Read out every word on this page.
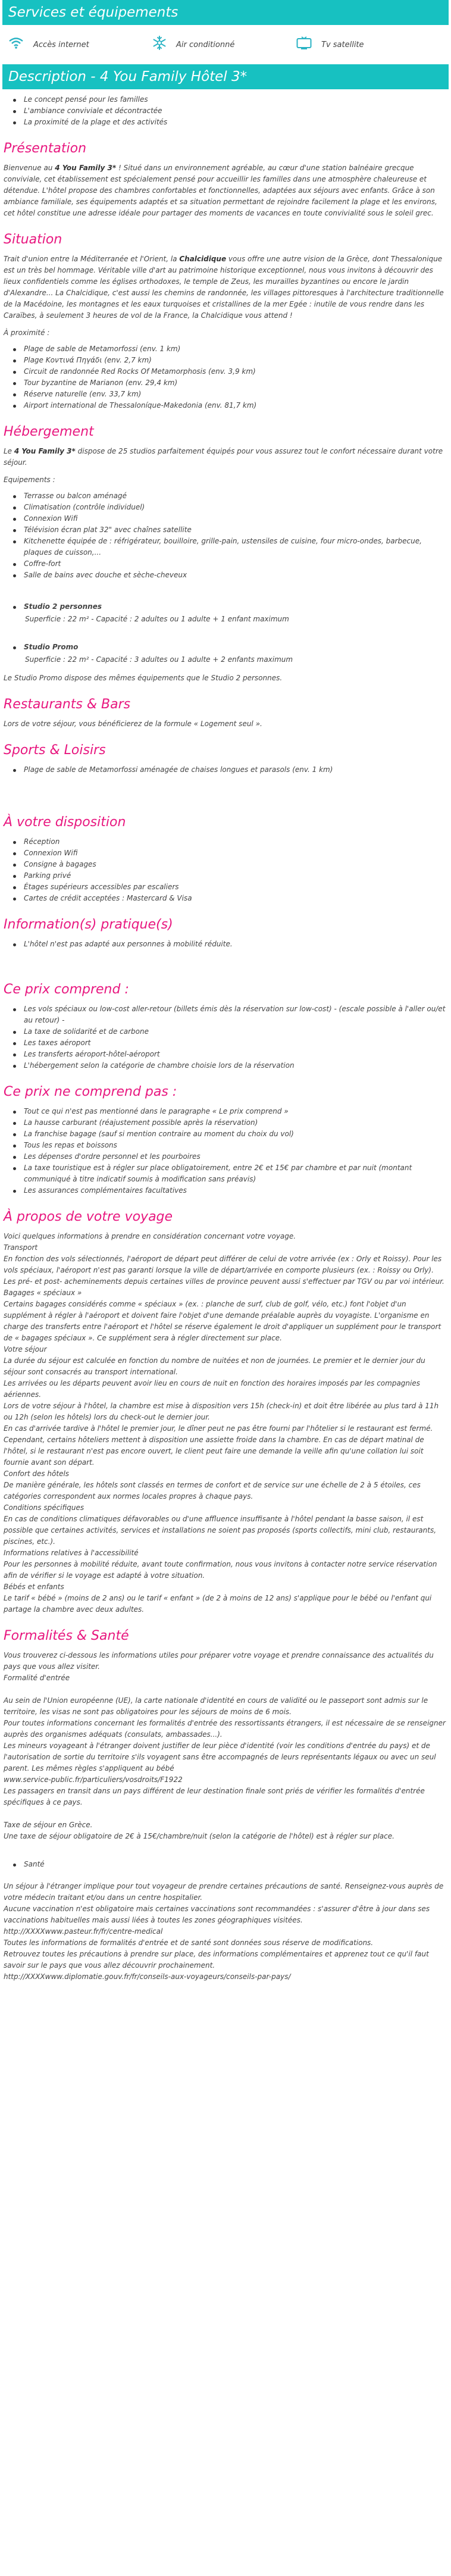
Services et équipements
Accès internet	Air conditionné	Tv satellite
Description - 4 You Family Hôtel 3*
Le concept pensé pour les familles
L'ambiance conviviale et décontractée
La proximité de la plage et des activités
Présentation

Bienvenue au 4 You Family 3* ! Situé dans un environnement agréable, au cœur d'une station balnéaire grecque conviviale, cet établissement est spécialement pensé pour accueillir les familles dans une atmosphère chaleureuse et détendue. L'hôtel propose des chambres confortables et fonctionnelles, adaptées aux séjours avec enfants. Grâce à son ambiance familiale, ses équipements adaptés et sa situation permettant de rejoindre facilement la plage et les environs, cet hôtel constitue une adresse idéale pour partager des moments de vacances en toute convivialité sous le soleil grec.

Situation

Trait d'union entre la Méditerranée et l'Orient, la Chalcidique vous offre une autre vision de la Grèce, dont Thessalonique est un très bel hommage. Véritable ville d'art au patrimoine historique exceptionnel, nous vous invitons à découvrir des lieux confidentiels comme les églises orthodoxes, le temple de Zeus, les murailles byzantines ou encore le jardin d'Alexandre... La Chalcidique, c'est aussi les chemins de randonnée, les villages pittoresques à l'architecture traditionnelle de la Macédoine, les montagnes et les eaux turquoises et cristallines de la mer Egée : inutile de vous rendre dans les Caraïbes, à seulement 3 heures de vol de la France, la Chalcidique vous attend !

À proximité :

Plage de sable de Metamorfossi (env. 1 km)
Plage Κοντινά Πηγάδι (env. 2,7 km)
Circuit de randonnée Red Rocks Of Metamorphosis (env. 3,9 km)
Tour byzantine de Marianon (env. 29,4 km)
Réserve naturelle (env. 33,7 km)
Airport international de Thessaloníque-Makedonia (env. 81,7 km)
Hébergement

Le 4 You Family 3* dispose de 25 studios parfaitement équipés pour vous assurez tout le confort nécessaire durant votre séjour.

Equipements :

Terrasse ou balcon aménagé
Climatisation (contrôle individuel)
Connexion Wifi
Télévision écran plat 32" avec chaînes satellite
Kitchenette équipée de : réfrigérateur, bouilloire, grille-pain, ustensiles de cuisine, four micro-ondes, barbecue, plaques de cuisson,...
Coffre-fort
Salle de bains avec douche et sèche-cheveux
Studio 2 personnes
Superficie : 22 m² - Capacité : 2 adultes ou 1 adulte + 1 enfant maximum
Studio Promo
Superficie : 22 m² - Capacité : 3 adultes ou 1 adulte + 2 enfants maximum

Le Studio Promo dispose des mêmes équipements que le Studio 2 personnes.

Restaurants & Bars

Lors de votre séjour, vous bénéficierez de la formule « Logement seul ».

Sports & Loisirs
Plage de sable de Metamorfossi aménagée de chaises longues et parasols (env. 1 km)
À votre disposition
Réception
Connexion Wifi
Consigne à bagages
Parking privé
Étages supérieurs accessibles par escaliers
Cartes de crédit acceptées : Mastercard & Visa
Information(s) pratique(s)
L'hôtel n'est pas adapté aux personnes à mobilité réduite.
Ce prix comprend :
Les vols spéciaux ou low-cost aller-retour (billets émis dès la réservation sur low-cost) - (escale possible à l'aller ou/et au retour) -
La taxe de solidarité et de carbone
Les taxes aéroport
Les transferts aéroport-hôtel-aéroport
L'hébergement selon la catégorie de chambre choisie lors de la réservation
Ce prix ne comprend pas :
Tout ce qui n'est pas mentionné dans le paragraphe « Le prix comprend »
La hausse carburant (réajustement possible après la réservation)
La franchise bagage (sauf si mention contraire au moment du choix du vol)
Tous les repas et boissons
Les dépenses d'ordre personnel et les pourboires
La taxe touristique est à régler sur place obligatoirement, entre 2€ et 15€ par chambre et par nuit (montant communiqué à titre indicatif soumis à modification sans préavis)
Les assurances complémentaires facultatives
À propos de votre voyage

Voici quelques informations à prendre en considération concernant votre voyage.

Transport

En fonction des vols sélectionnés, l'aéroport de départ peut différer de celui de votre arrivée (ex : Orly et Roissy). Pour les vols spéciaux, l'aéroport n'est pas garanti lorsque la ville de départ/arrivée en comporte plusieurs (ex. : Roissy ou Orly).

Les pré- et post- acheminements depuis certaines villes de province peuvent aussi s'effectuer par TGV ou par voi intérieur.

Bagages « spéciaux »

Certains bagages considérés comme « spéciaux » (ex. : planche de surf, club de golf, vélo, etc.) font l'objet d'un supplément à régler à l'aéroport et doivent faire l'objet d'une demande préalable auprès du voyagiste. L'organisme en charge des transferts entre l'aéroport et l'hôtel se réserve également le droit d'appliquer un supplément pour le transport de « bagages spéciaux ». Ce supplément sera à régler directement sur place.

Votre séjour

La durée du séjour est calculée en fonction du nombre de nuitées et non de journées. Le premier et le dernier jour du séjour sont consacrés au transport international.

Les arrivées ou les départs peuvent avoir lieu en cours de nuit en fonction des horaires imposés par les compagnies aériennes.

Lors de votre séjour à l'hôtel, la chambre est mise à disposition vers 15h (check-in) et doit être libérée au plus tard à 11h ou 12h (selon les hôtels) lors du check-out le dernier jour.

En cas d'arrivée tardive à l'hôtel le premier jour, le dîner peut ne pas être fourni par l'hôtelier si le restaurant est fermé. Cependant, certains hôteliers mettent à disposition une assiette froide dans la chambre. En cas de départ matinal de l'hôtel, si le restaurant n'est pas encore ouvert, le client peut faire une demande la veille afin qu'une collation lui soit fournie avant son départ.

Confort des hôtels

De manière générale, les hôtels sont classés en termes de confort et de service sur une échelle de 2 à 5 étoiles, ces catégories correspondent aux normes locales propres à chaque pays.

Conditions spécifiques

En cas de conditions climatiques défavorables ou d'une affluence insuffisante à l'hôtel pendant la basse saison, il est possible que certaines activités, services et installations ne soient pas proposés (sports collectifs, mini club, restaurants, piscines, etc.).

Informations relatives à l'accessibilité

Pour les personnes à mobilité réduite, avant toute confirmation, nous vous invitons à contacter notre service réservation afin de vérifier si le voyage est adapté à votre situation.

Bébés et enfants

Le tarif « bébé » (moins de 2 ans) ou le tarif « enfant » (de 2 à moins de 12 ans) s'applique pour le bébé ou l'enfant qui partage la chambre avec deux adultes.

Formalités & Santé

Vous trouverez ci-dessous les informations utiles pour préparer votre voyage et prendre connaissance des actualités du pays que vous allez visiter.

Formalité d'entrée

Au sein de l'Union européenne (UE), la carte nationale d'identité en cours de validité ou le passeport sont admis sur le territoire, les visas ne sont pas obligatoires pour les séjours de moins de 6 mois.

Pour toutes informations concernant les formalités d'entrée des ressortissants étrangers, il est nécessaire de se renseigner auprès des organismes adéquats (consulats, ambassades...).

Les mineurs voyageant à l'étranger doivent justifier de leur pièce d'identité (voir les conditions d'entrée du pays) et de l'autorisation de sortie du territoire s'ils voyagent sans être accompagnés de leurs représentants légaux ou avec un seul parent. Les mêmes règles s'appliquent au bébé

www.service-public.fr/particuliers/vosdroits/F1922

Les passagers en transit dans un pays différent de leur destination finale sont priés de vérifier les formalités d'entrée spécifiques à ce pays.

Taxe de séjour en Grèce.

Une taxe de séjour obligatoire de 2€ à 15€/chambre/nuit (selon la catégorie de l'hôtel) est à régler sur place.

Santé

Un séjour à l'étranger implique pour tout voyageur de prendre certaines précautions de santé. Renseignez-vous auprès de votre médecin traitant et/ou dans un centre hospitalier.

Aucune vaccination n'est obligatoire mais certaines vaccinations sont recommandées : s'assurer d'être à jour dans ses vaccinations habituelles mais aussi liées à toutes les zones géographiques visitées.

http://XXXXwww.pasteur.fr/fr/centre-medical

Toutes les informations de formalités d'entrée et de santé sont données sous réserve de modifications.

Retrouvez toutes les précautions à prendre sur place, des informations complémentaires et apprenez tout ce qu'il faut savoir sur le pays que vous allez découvrir prochainement.

http://XXXXwww.diplomatie.gouv.fr/fr/conseils-aux-voyageurs/conseils-par-pays/
